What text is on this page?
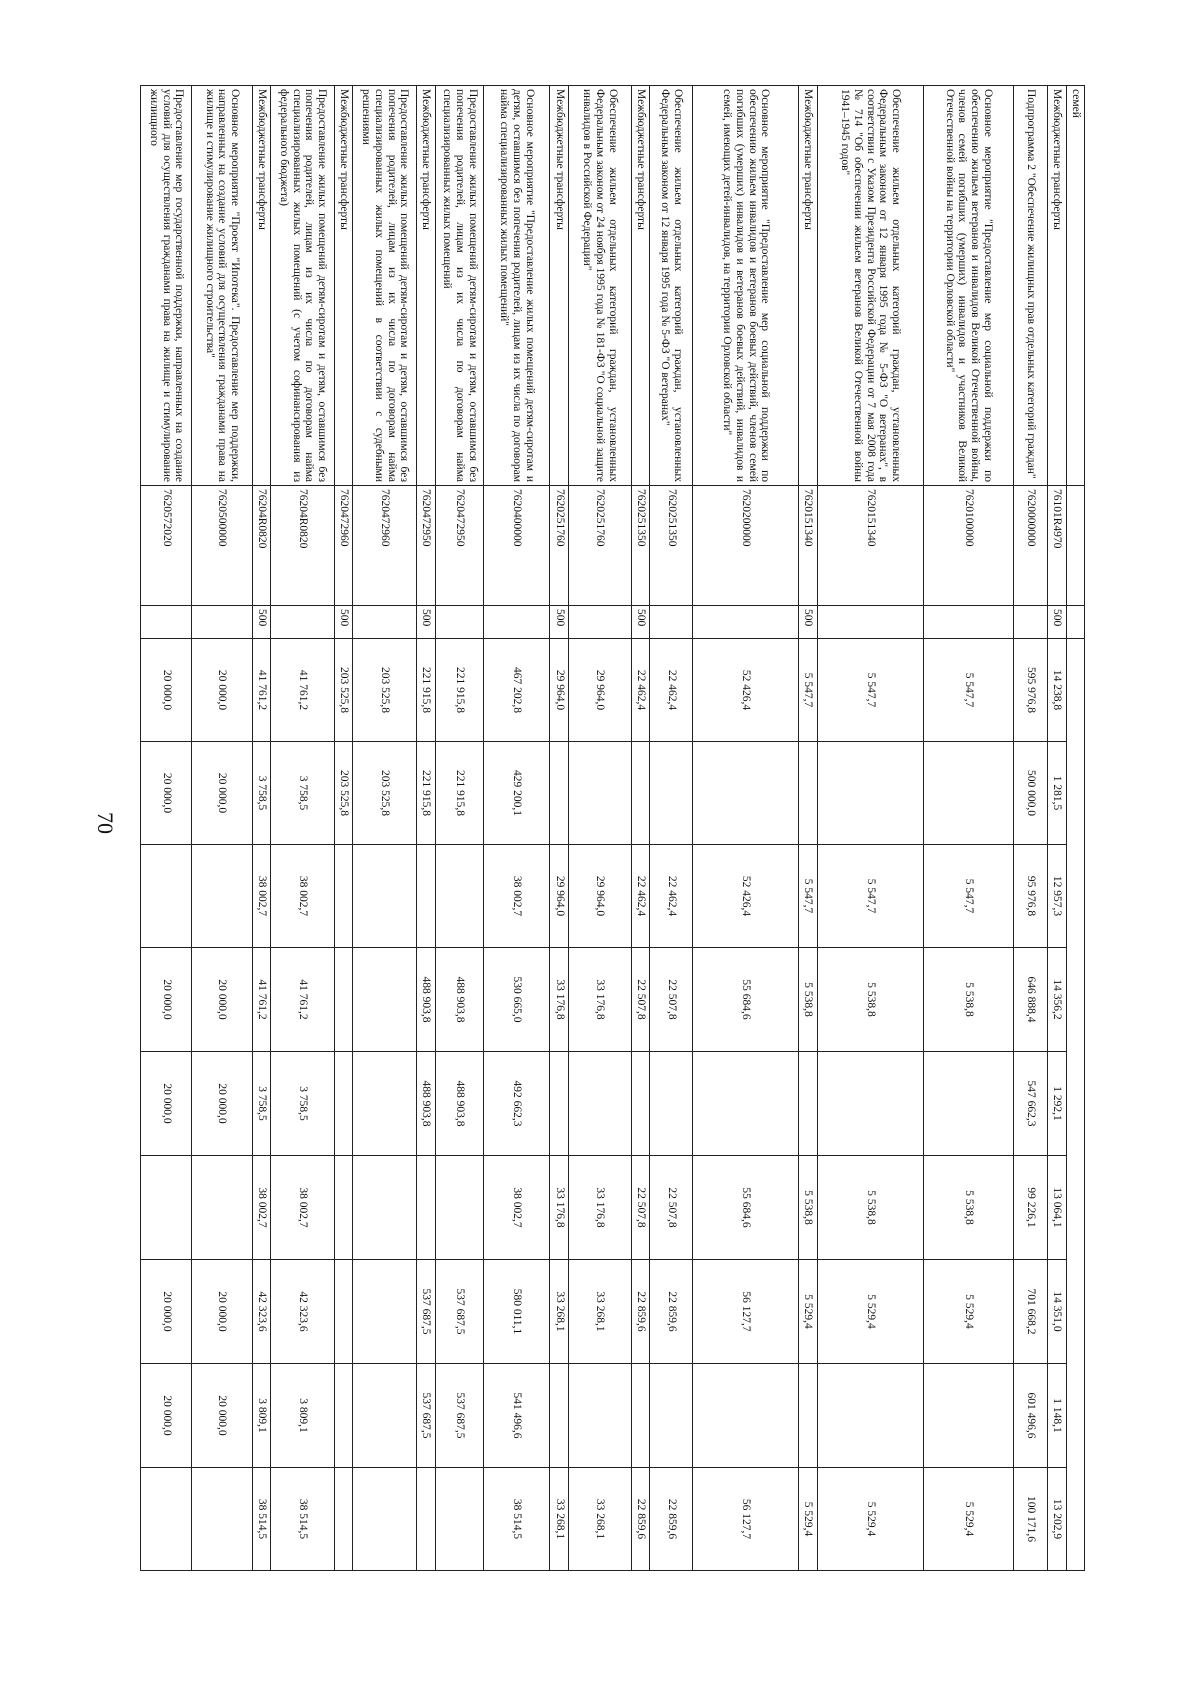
70
семей											
Межбюджетные трансферты	76101R4970	500	14 238,8	1 281,5	12 957,3	14 356,2	1 292,1	13 064,1	14 351,0	1 148,1	13 202,9
Подпрограмма 2 "Обеспечение жилищных прав отдельных категорий граждан"	7620000000		595 976,8	500 000,0	95 976,8	646 888,4	547 662,3	99 226,1	701 668,2	601 496,6	100 171,6
Основное мероприятие "Предоставление мер социальной поддержки по обеспечению жильем ветеранов и инвалидов Великой Отечественной войны, членов семей погибших (умерших) инвалидов и участников Великой Отечественной войны на территории Орловской области"	7620100000		5 547,7		5 547,7	5 538,8		5 538,8	5 529,4		5 529,4
Обеспечение жильем отдельных категорий граждан, установленных Федеральным законом от 12 января 1995 года № 5-ФЗ "О ветеранах", в соответствии с Указом Президента Российской Федерации от 7 мая 2008 года № 714 "Об обеспечении жильем ветеранов Великой Отечественной войны 1941–1945 годов"	7620151340		5 547,7		5 547,7	5 538,8		5 538,8	5 529,4		5 529,4
Межбюджетные трансферты	7620151340	500	5 547,7		5 547,7	5 538,8		5 538,8	5 529,4		5 529,4
Основное мероприятие "Предоставление мер социальной поддержки по обеспечению жильем инвалидов и ветеранов боевых действий, членов семей погибших (умерших) инвалидов и ветеранов боевых действий, инвалидов и семей, имеющих детей-инвалидов, на территории Орловской области"	7620200000		52 426,4		52 426,4	55 684,6		55 684,6	56 127,7		56 127,7
Обеспечение жильем отдельных категорий граждан, установленных Федеральным законом от 12 января 1995 года № 5-ФЗ "О ветеранах"	7620251350		22 462,4		22 462,4	22 507,8		22 507,8	22 859,6		22 859,6
Межбюджетные трансферты	7620251350	500	22 462,4		22 462,4	22 507,8		22 507,8	22 859,6		22 859,6
Обеспечение жильем отдельных категорий граждан, установленных Федеральным законом от 24 ноября 1995 года № 181-ФЗ "О социальной защите инвалидов в Российской Федерации"	7620251760		29 964,0		29 964,0	33 176,8		33 176,8	33 268,1		33 268,1
Межбюджетные трансферты	7620251760	500	29 964,0		29 964,0	33 176,8		33 176,8	33 268,1		33 268,1
Основное мероприятие "Предоставление жилых помещений детям-сиротам и детям, оставшимся без попечения родителей, лицам из их числа по договорам найма специализированных жилых помещений"	7620400000		467 202,8	429 200,1	38 002,7	530 665,0	492 662,3	38 002,7	580 011,1	541 496,6	38 514,5
Предоставление жилых помещений детям-сиротам и детям, оставшимся без попечения родителей, лицам из их числа по договорам найма специализированных жилых помещений	7620472950		221 915,8	221 915,8		488 903,8	488 903,8		537 687,5	537 687,5	
Межбюджетные трансферты	7620472950	500	221 915,8	221 915,8		488 903,8	488 903,8		537 687,5	537 687,5	
Предоставление жилых помещений детям-сиротам и детям, оставшимся без попечения родителей, лицам из их числа по договорам найма специализированных жилых помещений в соответствии с судебными решениями	7620472960		203 525,8	203 525,8							
Межбюджетные трансферты	7620472960	500	203 525,8	203 525,8							
Предоставление жилых помещений детям-сиротам и детям, оставшимся без попечения родителей, лицам из их числа по договорам найма специализированных жилых помещений (с учетом софинансирования из федерального бюджета)	76204R0820		41 761,2	3 758,5	38 002,7	41 761,2	3 758,5	38 002,7	42 323,6	3 809,1	38 514,5
Межбюджетные трансферты	76204R0820	500	41 761,2	3 758,5	38 002,7	41 761,2	3 758,5	38 002,7	42 323,6	3 809,1	38 514,5
Основное мероприятие "Проект "Ипотека". Предоставление мер поддержки, направленных на создание условий для осуществления гражданами права на жилище и стимулирование жилищного строительства"	7620500000		20 000,0	20 000,0		20 000,0	20 000,0		20 000,0	20 000,0	
Предоставление мер государственной поддержки, направленных на создание условий для осуществления гражданами права на жилище и стимулирование жилищного	7620572020		20 000,0	20 000,0		20 000,0	20 000,0		20 000,0	20 000,0	
